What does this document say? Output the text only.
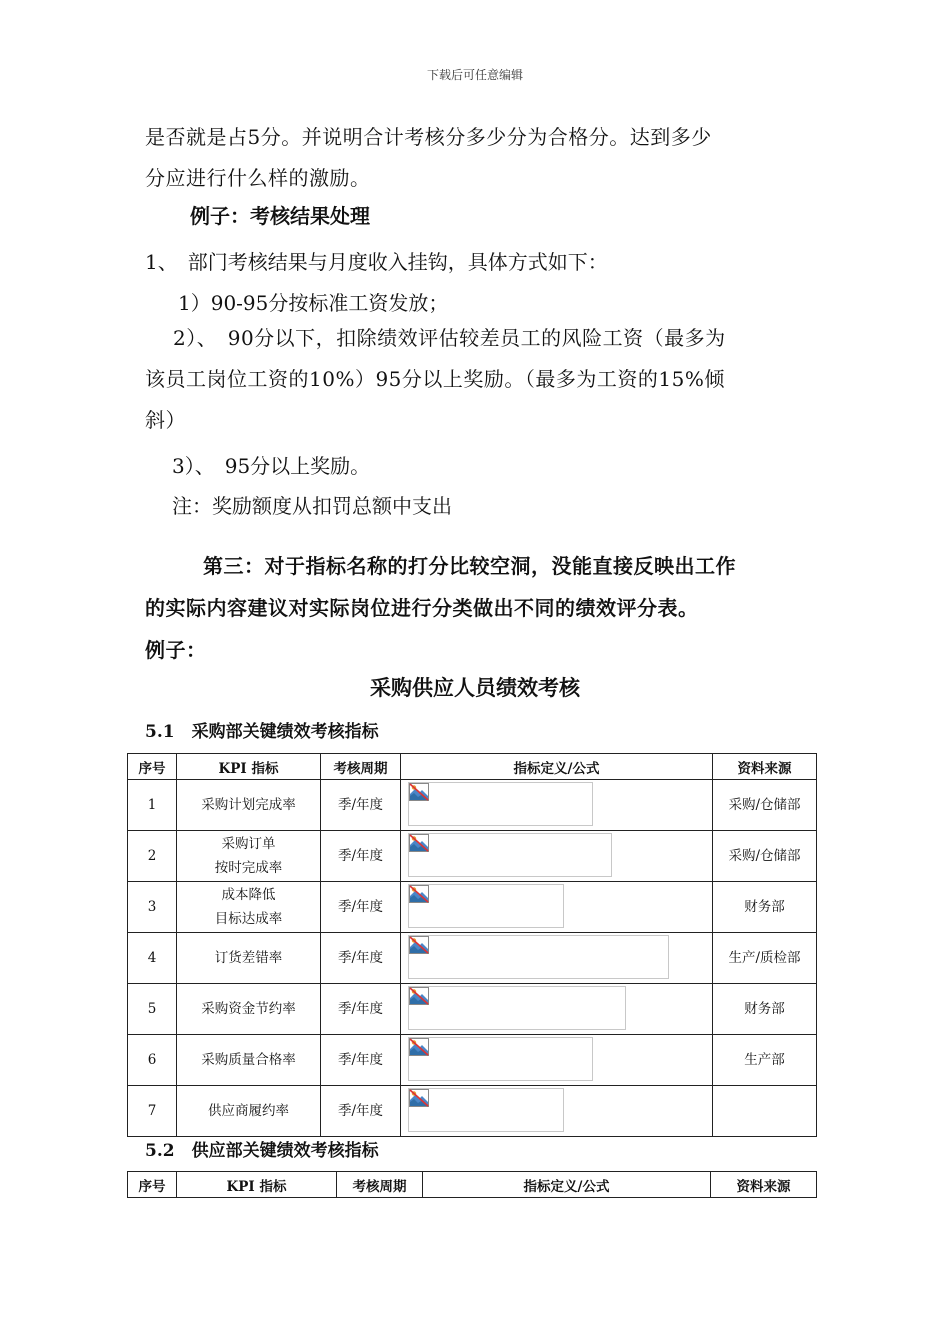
下载后可任意编辑
是否就是占5分。并说明合计考核分多少分为合格分。达到多少
分应进行什么样的激励。
例子：考核结果处理
1、　部门考核结果与月度收入挂钩，具体方式如下：
1）90-95分按标准工资发放；
2）、　90分以下，扣除绩效评估较差员工的风险工资（最多为
该员工岗位工资的10%）95分以上奖励。（最多为工资的15%倾
斜）
3）、　95分以上奖励。
注：奖励额度从扣罚总额中支出
第三：对于指标名称的打分比较空洞，没能直接反映出工作
的实际内容建议对实际岗位进行分类做出不同的绩效评分表。
例子：
采购供应人员绩效考核
5.1　采购部关键绩效考核指标
序号	KPI 指标	考核周期	指标定义/公式	资料来源
1	采购计划完成率	季/年度		采购/仓储部
2	采购订单
按时完成率	季/年度		采购/仓储部
3	成本降低
目标达成率	季/年度		财务部
4	订货差错率	季/年度		生产/质检部
5	采购资金节约率	季/年度		财务部
6	采购质量合格率	季/年度		生产部
7	供应商履约率	季/年度	

5.2　供应部关键绩效考核指标
序号	KPI 指标	考核周期	指标定义/公式	资料来源
